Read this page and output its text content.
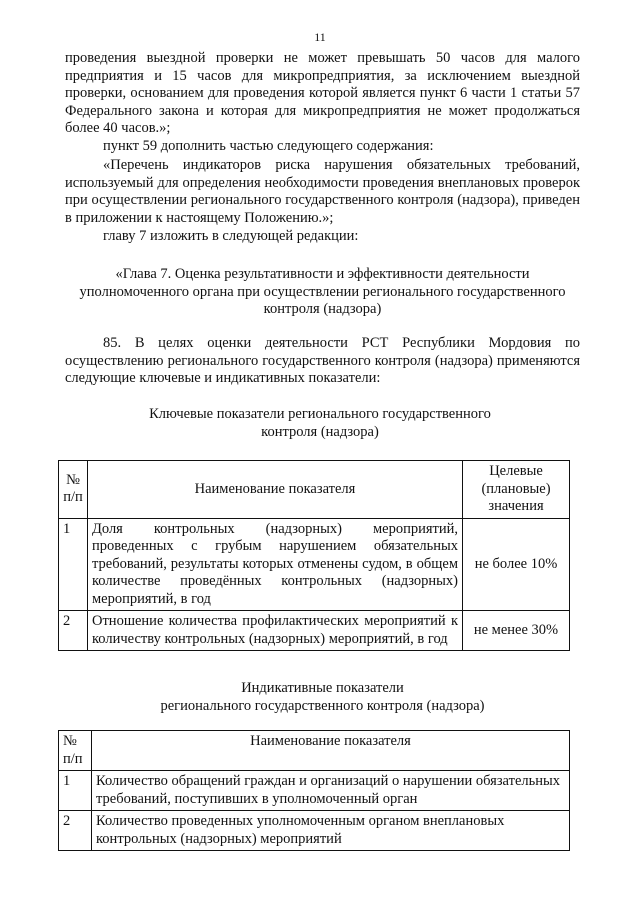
11
проведения выездной проверки не может превышать 50 часов для малого предприятия и 15 часов для микропредприятия, за исключением выездной проверки, основанием для проведения которой является пункт 6 части 1 статьи 57 Федерального закона и которая для микропредприятия не может продолжаться более 40 часов.»;
пункт 59 дополнить частью следующего содержания:
«Перечень индикаторов риска нарушения обязательных требований, используемый для определения необходимости проведения внеплановых проверок при осуществлении регионального государственного контроля (надзора), приведен в приложении к настоящему Положению.»;
главу 7 изложить в следующей редакции:
«Глава 7. Оценка результативности и эффективности деятельности уполномоченного органа при осуществлении регионального государственного контроля (надзора)
85. В целях оценки деятельности РСТ Республики Мордовия по осуществлению регионального государственного контроля (надзора) применяются следующие ключевые и индикативных показатели:
Ключевые показатели регионального государственного контроля (надзора)
№ п/п	Наименование показателя	Целевые (плановые) значения
1	Доля контрольных (надзорных) мероприятий, проведенных с грубым нарушением обязательных требований, результаты которых отменены судом, в общем количестве проведённых контрольных (надзорных) мероприятий, в год	не более 10%
2	Отношение количества профилактических мероприятий к количеству контрольных (надзорных) мероприятий, в год	не менее 30%
Индикативные показатели
регионального государственного контроля (надзора)
№ п/п	Наименование показателя
1	Количество обращений граждан и организаций о нарушении обязательных требований, поступивших в уполномоченный орган
2	Количество проведенных уполномоченным органом внеплановых контрольных (надзорных) мероприятий
